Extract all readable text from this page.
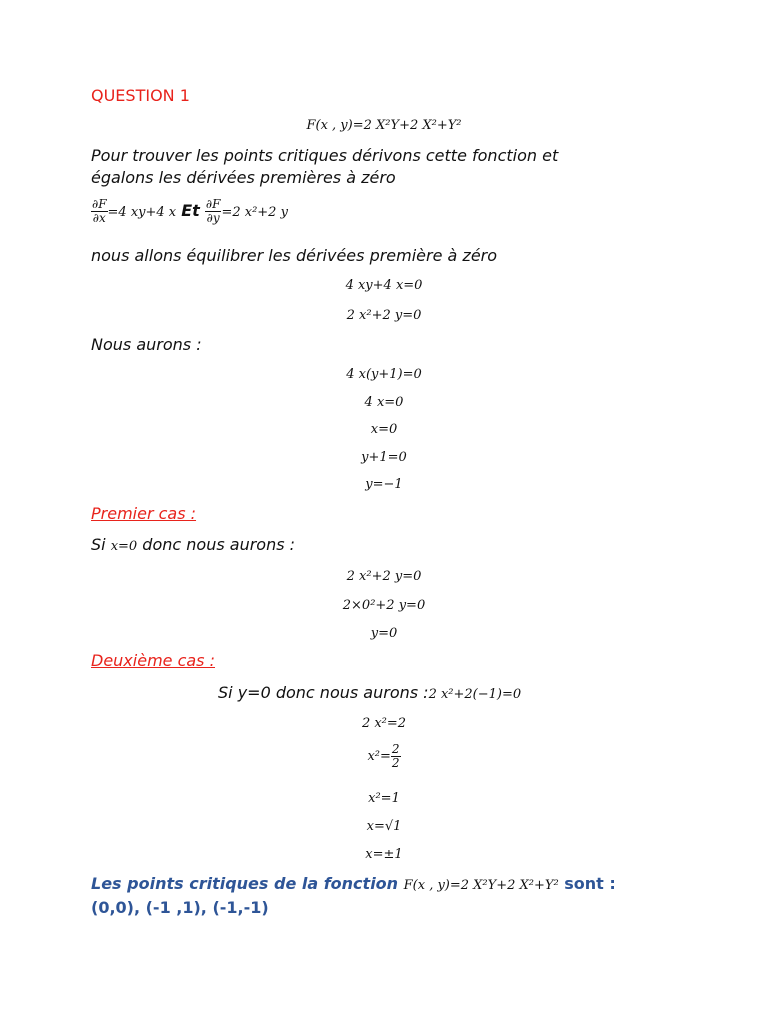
QUESTION 1
F(x , y)=2 X²Y+2 X²+Y²
Pour trouver les points critiques dérivons cette fonction et
égalons les dérivées premières à zéro
$\frac{\partial F}{\partial x} =4$ xy+4 x Et $\frac{\partial F}{\partial y} =2$ x²+2 y
nous allons équilibrer les dérivées première à zéro
4 xy+4 x=0
2 x²+2 y=0
Nous aurons :
4 x(y+1)=0
4 x=0
x=0
y+1=0
y=−1
Premier cas :
Si x=0 donc nous aurons :
2 x²+2 y=0
2×0²+2 y=0
y=0
Deuxième cas :
Si y=0 donc nous aurons :2 x²+2(−1)=0
2 x²=2
$x^2= \frac{2}{2}$
x²=1
x=√1
x=±1
Les points critiques de la fonction F(x , y)=2 X²Y+2 X²+Y² sont :
(0,0), (-1 ,1), (-1,-1)
